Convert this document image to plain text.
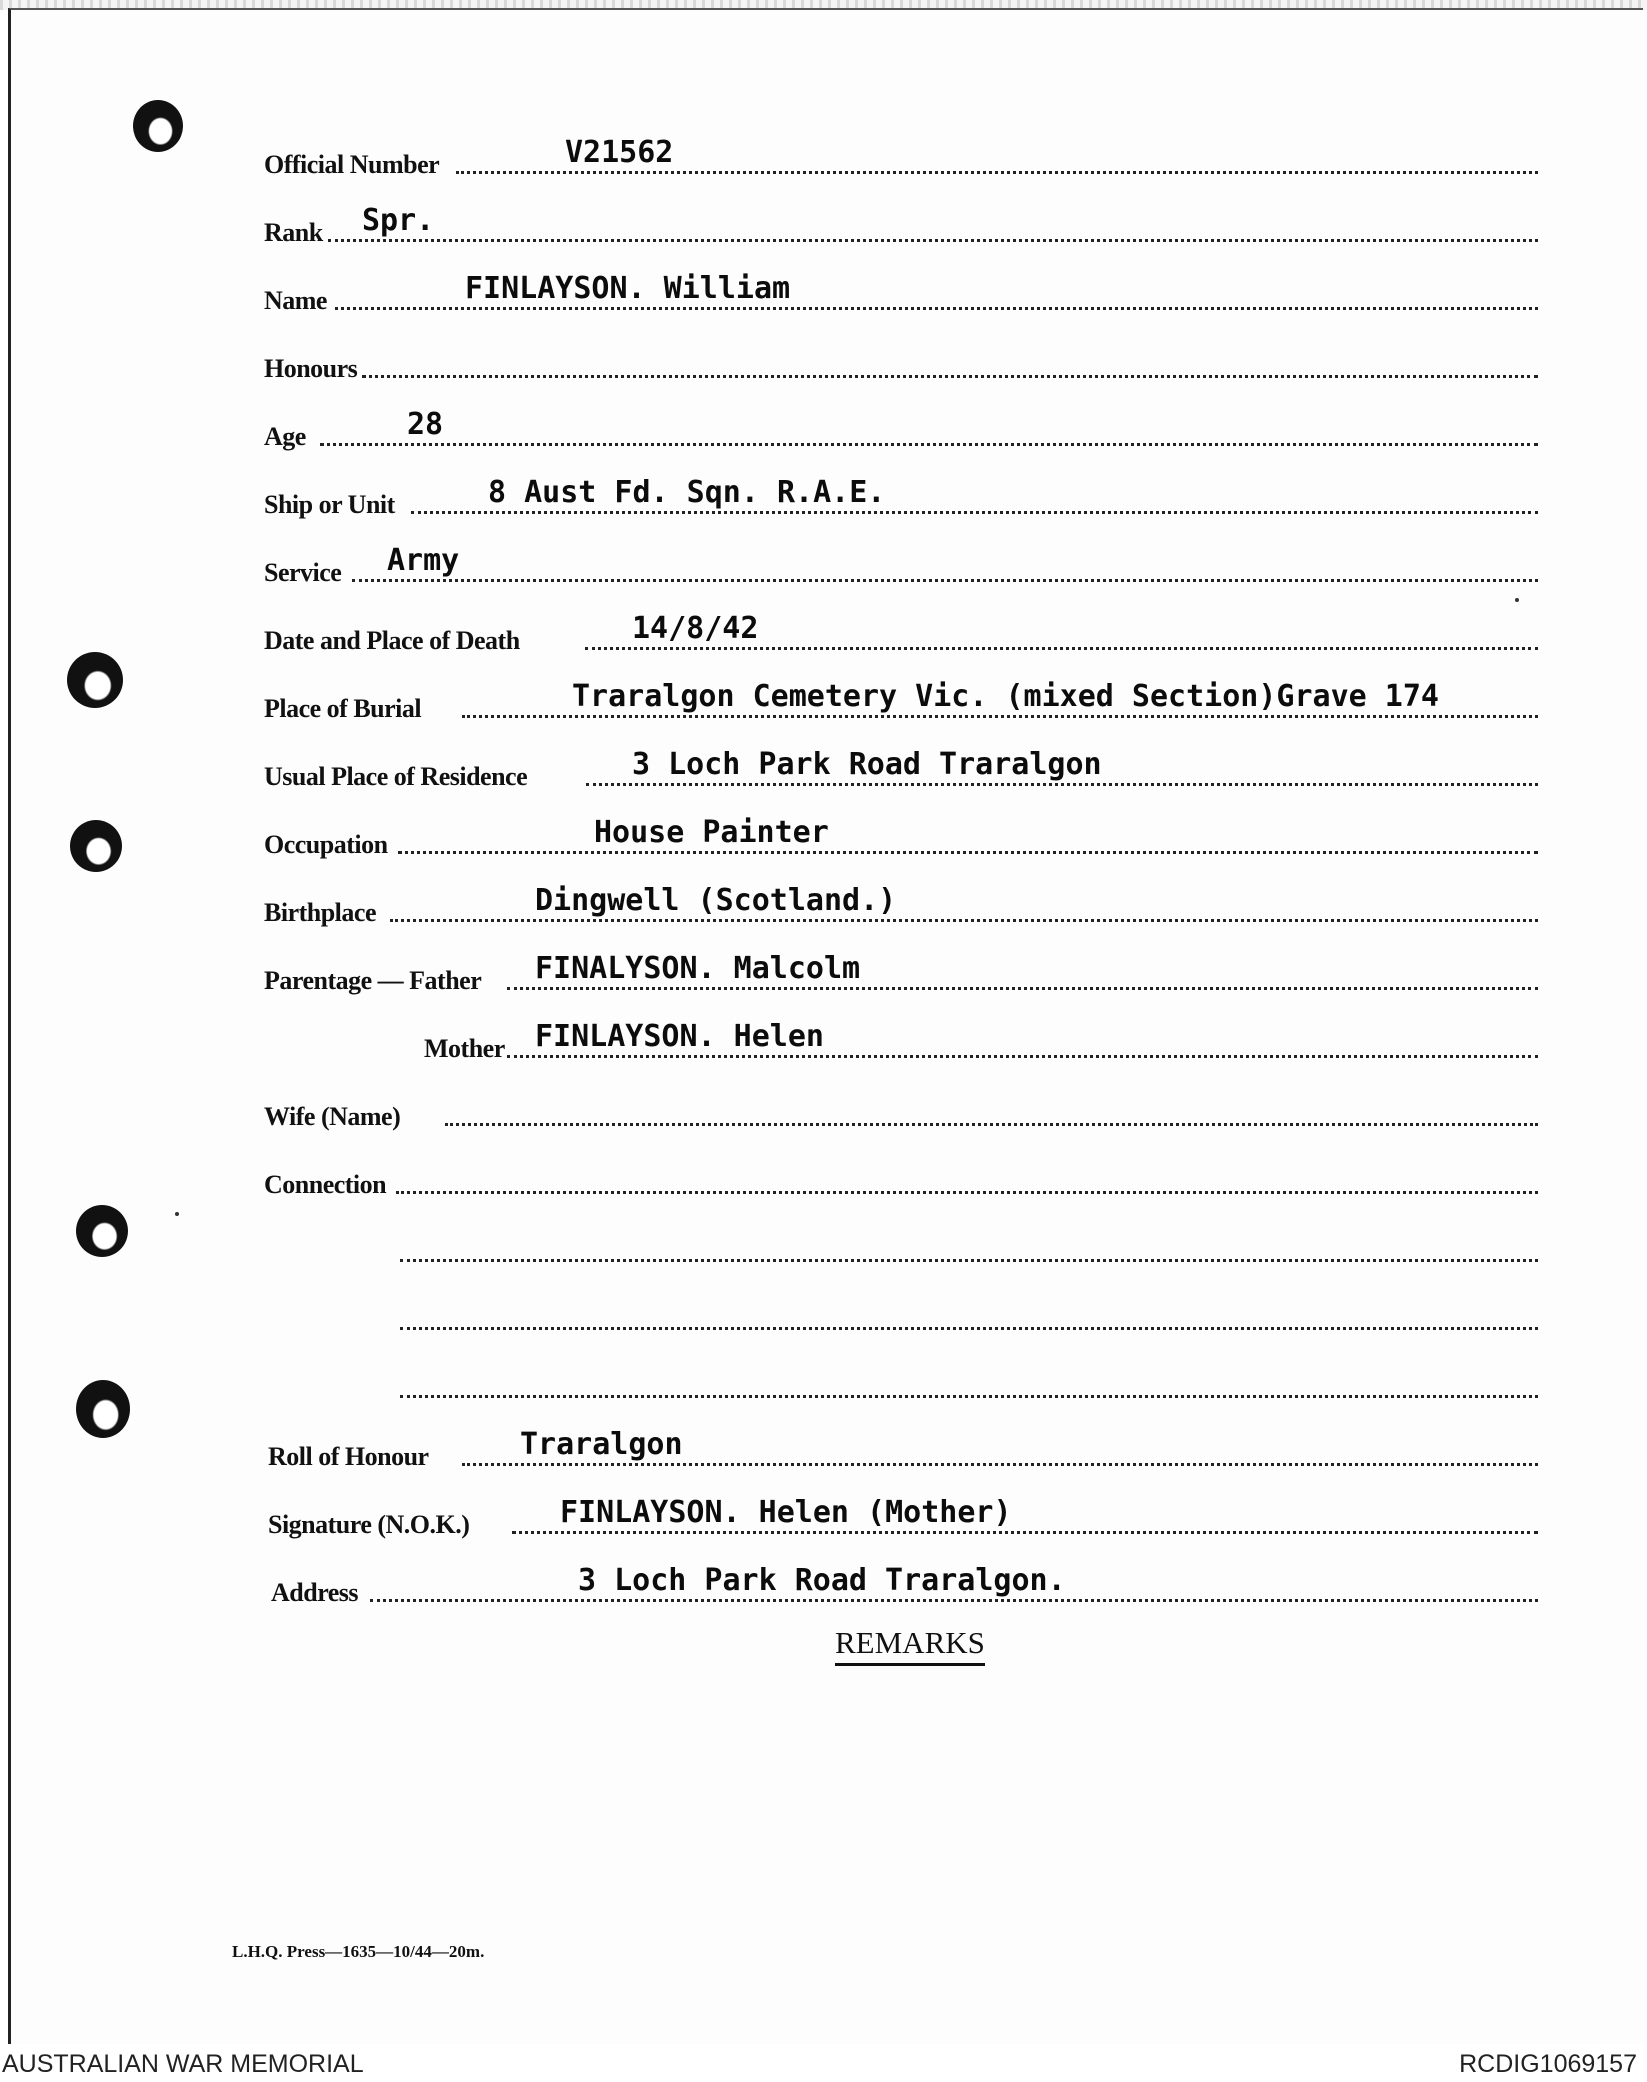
Official Number	V21562
Rank Spr.
Name	FINLAYSON. William
Honours
Age	28
Ship or Unit	8 Aust Fd. Sqn. R.A.E.
Service Army
Date and Place of Death	14/8/42
Place of Burial	Traralgon Cemetery Vic. (mixed Section)Grave 174
Usual Place of Residence	3 Loch Park Road Traralgon
Occupation	House Painter
Birthplace	Dingwell (Scotland.)
Parentage — Father FINALYSON. Malcolm
Mother FINLAYSON. Helen
Wife (Name)
Connection
Roll of Honour	Traralgon
Signature (N.O.K.)	FINLAYSON. Helen (Mother)
Address	3 Loch Park Road Traralgon.
REMARKS
L.H.Q. Press—1635—10/44—20m.
AUSTRALIAN WAR MEMORIAL	RCDIG1069157
